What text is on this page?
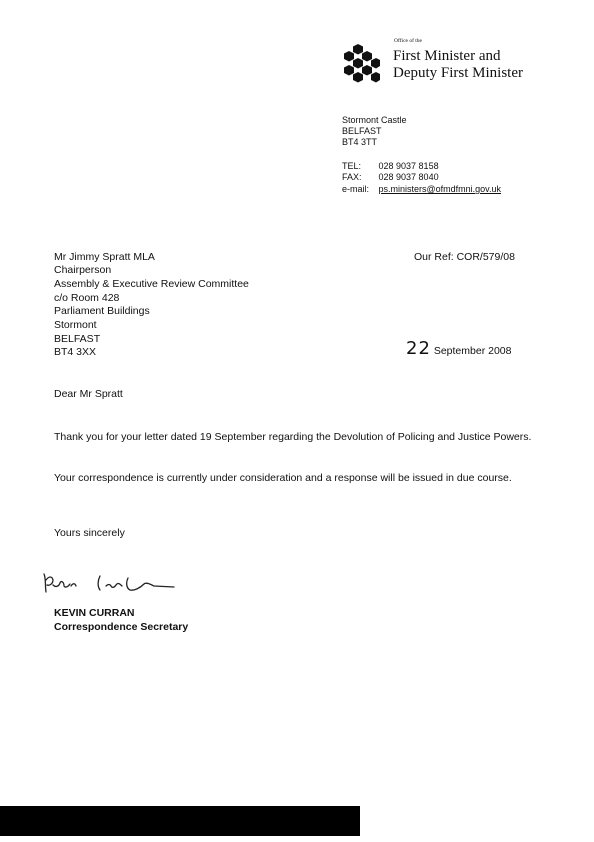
Office of the
First Minister and
Deputy First Minister
Stormont Castle
BELFAST
BT4 3TT
TEL: 028 9037 8158
FAX: 028 9037 8040
e-mail: ps.ministers@ofmdfmni.gov.uk
Mr Jimmy Spratt MLA
Chairperson
Assembly & Executive Review Committee
c/o Room 428
Parliament Buildings
Stormont
BELFAST
BT4 3XX
Our Ref: COR/579/08
22 September 2008
Dear Mr Spratt
Thank you for your letter dated 19 September regarding the Devolution of Policing and Justice Powers.
Your correspondence is currently under consideration and a response will be issued in due course.
Yours sincerely
KEVIN CURRAN
Correspondence Secretary
